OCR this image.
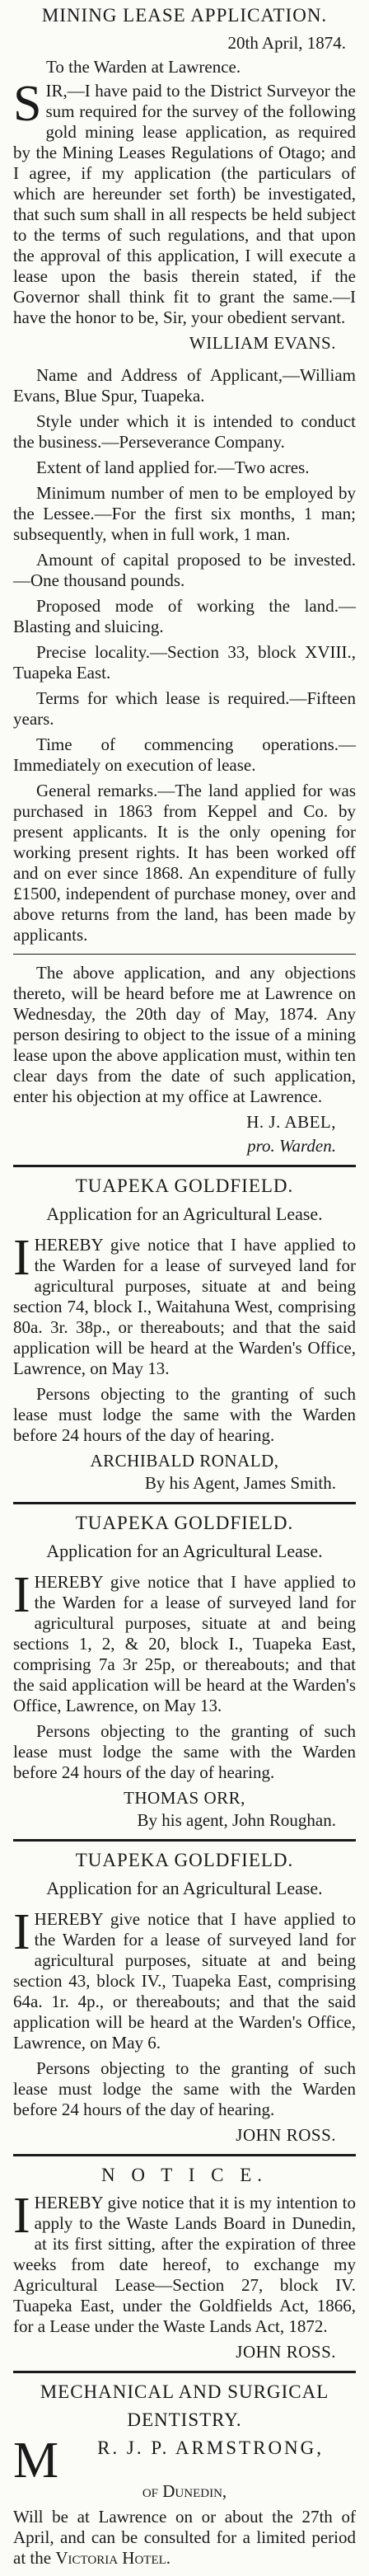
MINING LEASE APPLICATION.
20th April, 1874.
To the Warden at Lawrence.

SIR,—I have paid to the District Surveyor the sum required for the survey of the following gold mining lease application, as required by the Mining Leases Regulations of Otago; and I agree, if my application (the particulars of which are hereunder set forth) be investigated, that such sum shall in all respects be held subject to the terms of such regulations, and that upon the approval of this application, I will execute a lease upon the basis therein stated, if the Governor shall think fit to grant the same.—I have the honor to be, Sir, your obedient servant.

WILLIAM EVANS.

Name and Address of Applicant,—William Evans, Blue Spur, Tuapeka.

Style under which it is intended to conduct the business.—Perseverance Company.

Extent of land applied for.—Two acres.

Minimum number of men to be employed by the Lessee.—For the first six months, 1 man; subsequently, when in full work, 1 man.

Amount of capital proposed to be invested. —One thousand pounds.

Proposed mode of working the land.—Blasting and sluicing.

Precise locality.—Section 33, block XVIII., Tuapeka East.

Terms for which lease is required.—Fifteen years.

Time of commencing operations.—Immediately on execution of lease.

General remarks.—The land applied for was purchased in 1863 from Keppel and Co. by present applicants. It is the only opening for working present rights. It has been worked off and on ever since 1868. An expenditure of fully £1500, independent of purchase money, over and above returns from the land, has been made by applicants.

The above application, and any objections thereto, will be heard before me at Lawrence on Wednesday, the 20th day of May, 1874. Any person desiring to object to the issue of a mining lease upon the above application must, within ten clear days from the date of such application, enter his objection at my office at Lawrence.

H. J. ABEL,
pro. Warden.
TUAPEKA GOLDFIELD.
Application for an Agricultural Lease.

I HEREBY give notice that I have applied to the Warden for a lease of surveyed land for agricultural purposes, situate at and being section 74, block I., Waitahuna West, comprising 80a. 3r. 38p., or thereabouts; and that the said application will be heard at the Warden's Office, Lawrence, on May 13.

Persons objecting to the granting of such lease must lodge the same with the Warden before 24 hours of the day of hearing.

ARCHIBALD RONALD,
By his Agent, James Smith.
TUAPEKA GOLDFIELD.
Application for an Agricultural Lease.

I HEREBY give notice that I have applied to the Warden for a lease of surveyed land for agricultural purposes, situate at and being sections 1, 2, & 20, block I., Tuapeka East, comprising 7a 3r 25p, or thereabouts; and that the said application will be heard at the Warden's Office, Lawrence, on May 13.

Persons objecting to the granting of such lease must lodge the same with the Warden before 24 hours of the day of hearing.

THOMAS ORR,
By his agent, John Roughan.
TUAPEKA GOLDFIELD.
Application for an Agricultural Lease.

I HEREBY give notice that I have applied to the Warden for a lease of surveyed land for agricultural purposes, situate at and being section 43, block IV., Tuapeka East, comprising 64a. 1r. 4p., or thereabouts; and that the said application will be heard at the Warden's Office, Lawrence, on May 6.

Persons objecting to the granting of such lease must lodge the same with the Warden before 24 hours of the day of hearing.

JOHN ROSS.
N O T I C E.

I HEREBY give notice that it is my intention to apply to the Waste Lands Board in Dunedin, at its first sitting, after the expiration of three weeks from date hereof, to exchange my Agricultural Lease—Section 27, block IV. Tuapeka East, under the Goldfields Act, 1866, for a Lease under the Waste Lands Act, 1872.

JOHN ROSS.
MECHANICAL AND SURGICAL
DENTISTRY.

M R. J. P. ARMSTRONG,

of Dunedin,

Will be at Lawrence on or about the 27th of April, and can be consulted for a limited period at the Victoria Hotel.
